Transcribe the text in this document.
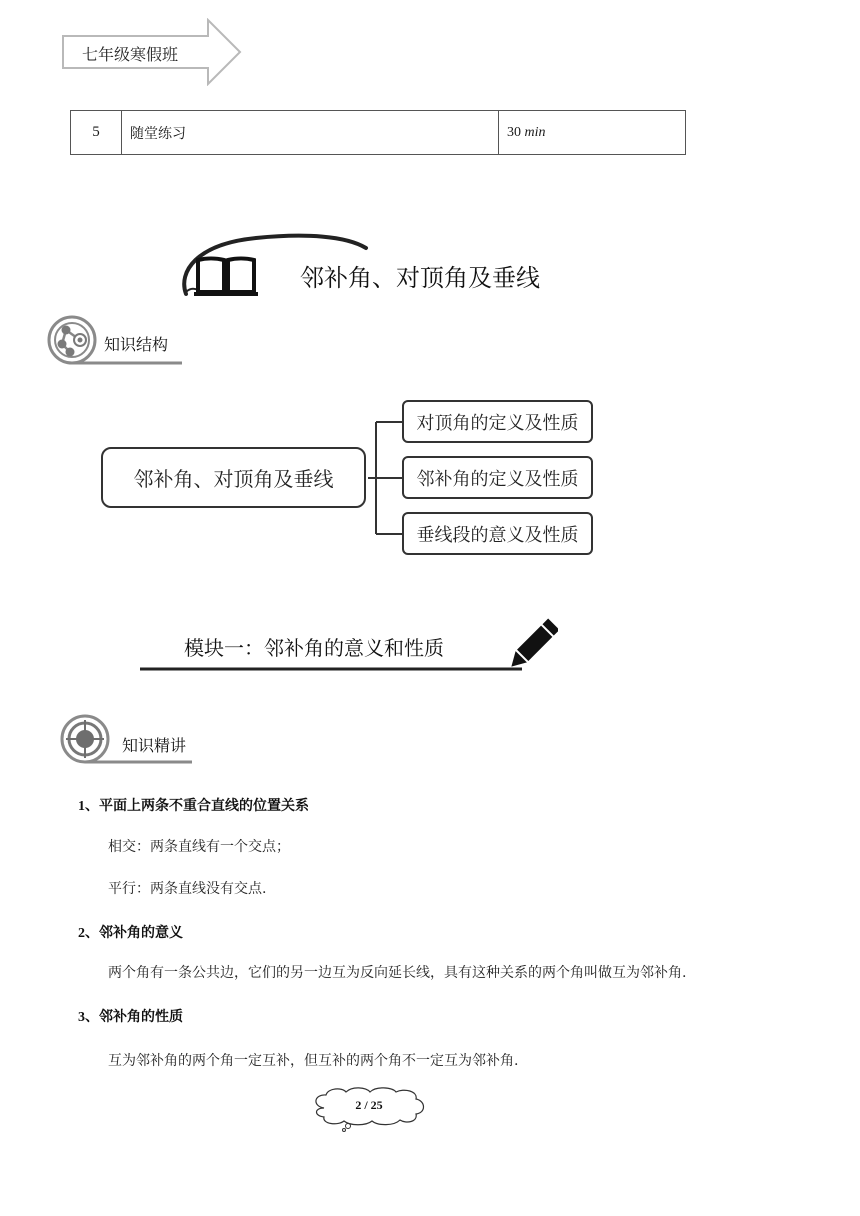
七年级寒假班
5	随堂练习	30 min
邻补角、对顶角及垂线
知识结构
邻补角、对顶角及垂线
对顶角的定义及性质
邻补角的定义及性质
垂线段的意义及性质
模块一：邻补角的意义和性质
知识精讲
1、平面上两条不重合直线的位置关系
相交：两条直线有一个交点；
平行：两条直线没有交点.
2、邻补角的意义
两个角有一条公共边，它们的另一边互为反向延长线，具有这种关系的两个角叫做互为邻补角.
3、邻补角的性质
互为邻补角的两个角一定互补，但互补的两个角不一定互为邻补角.
2 / 25
